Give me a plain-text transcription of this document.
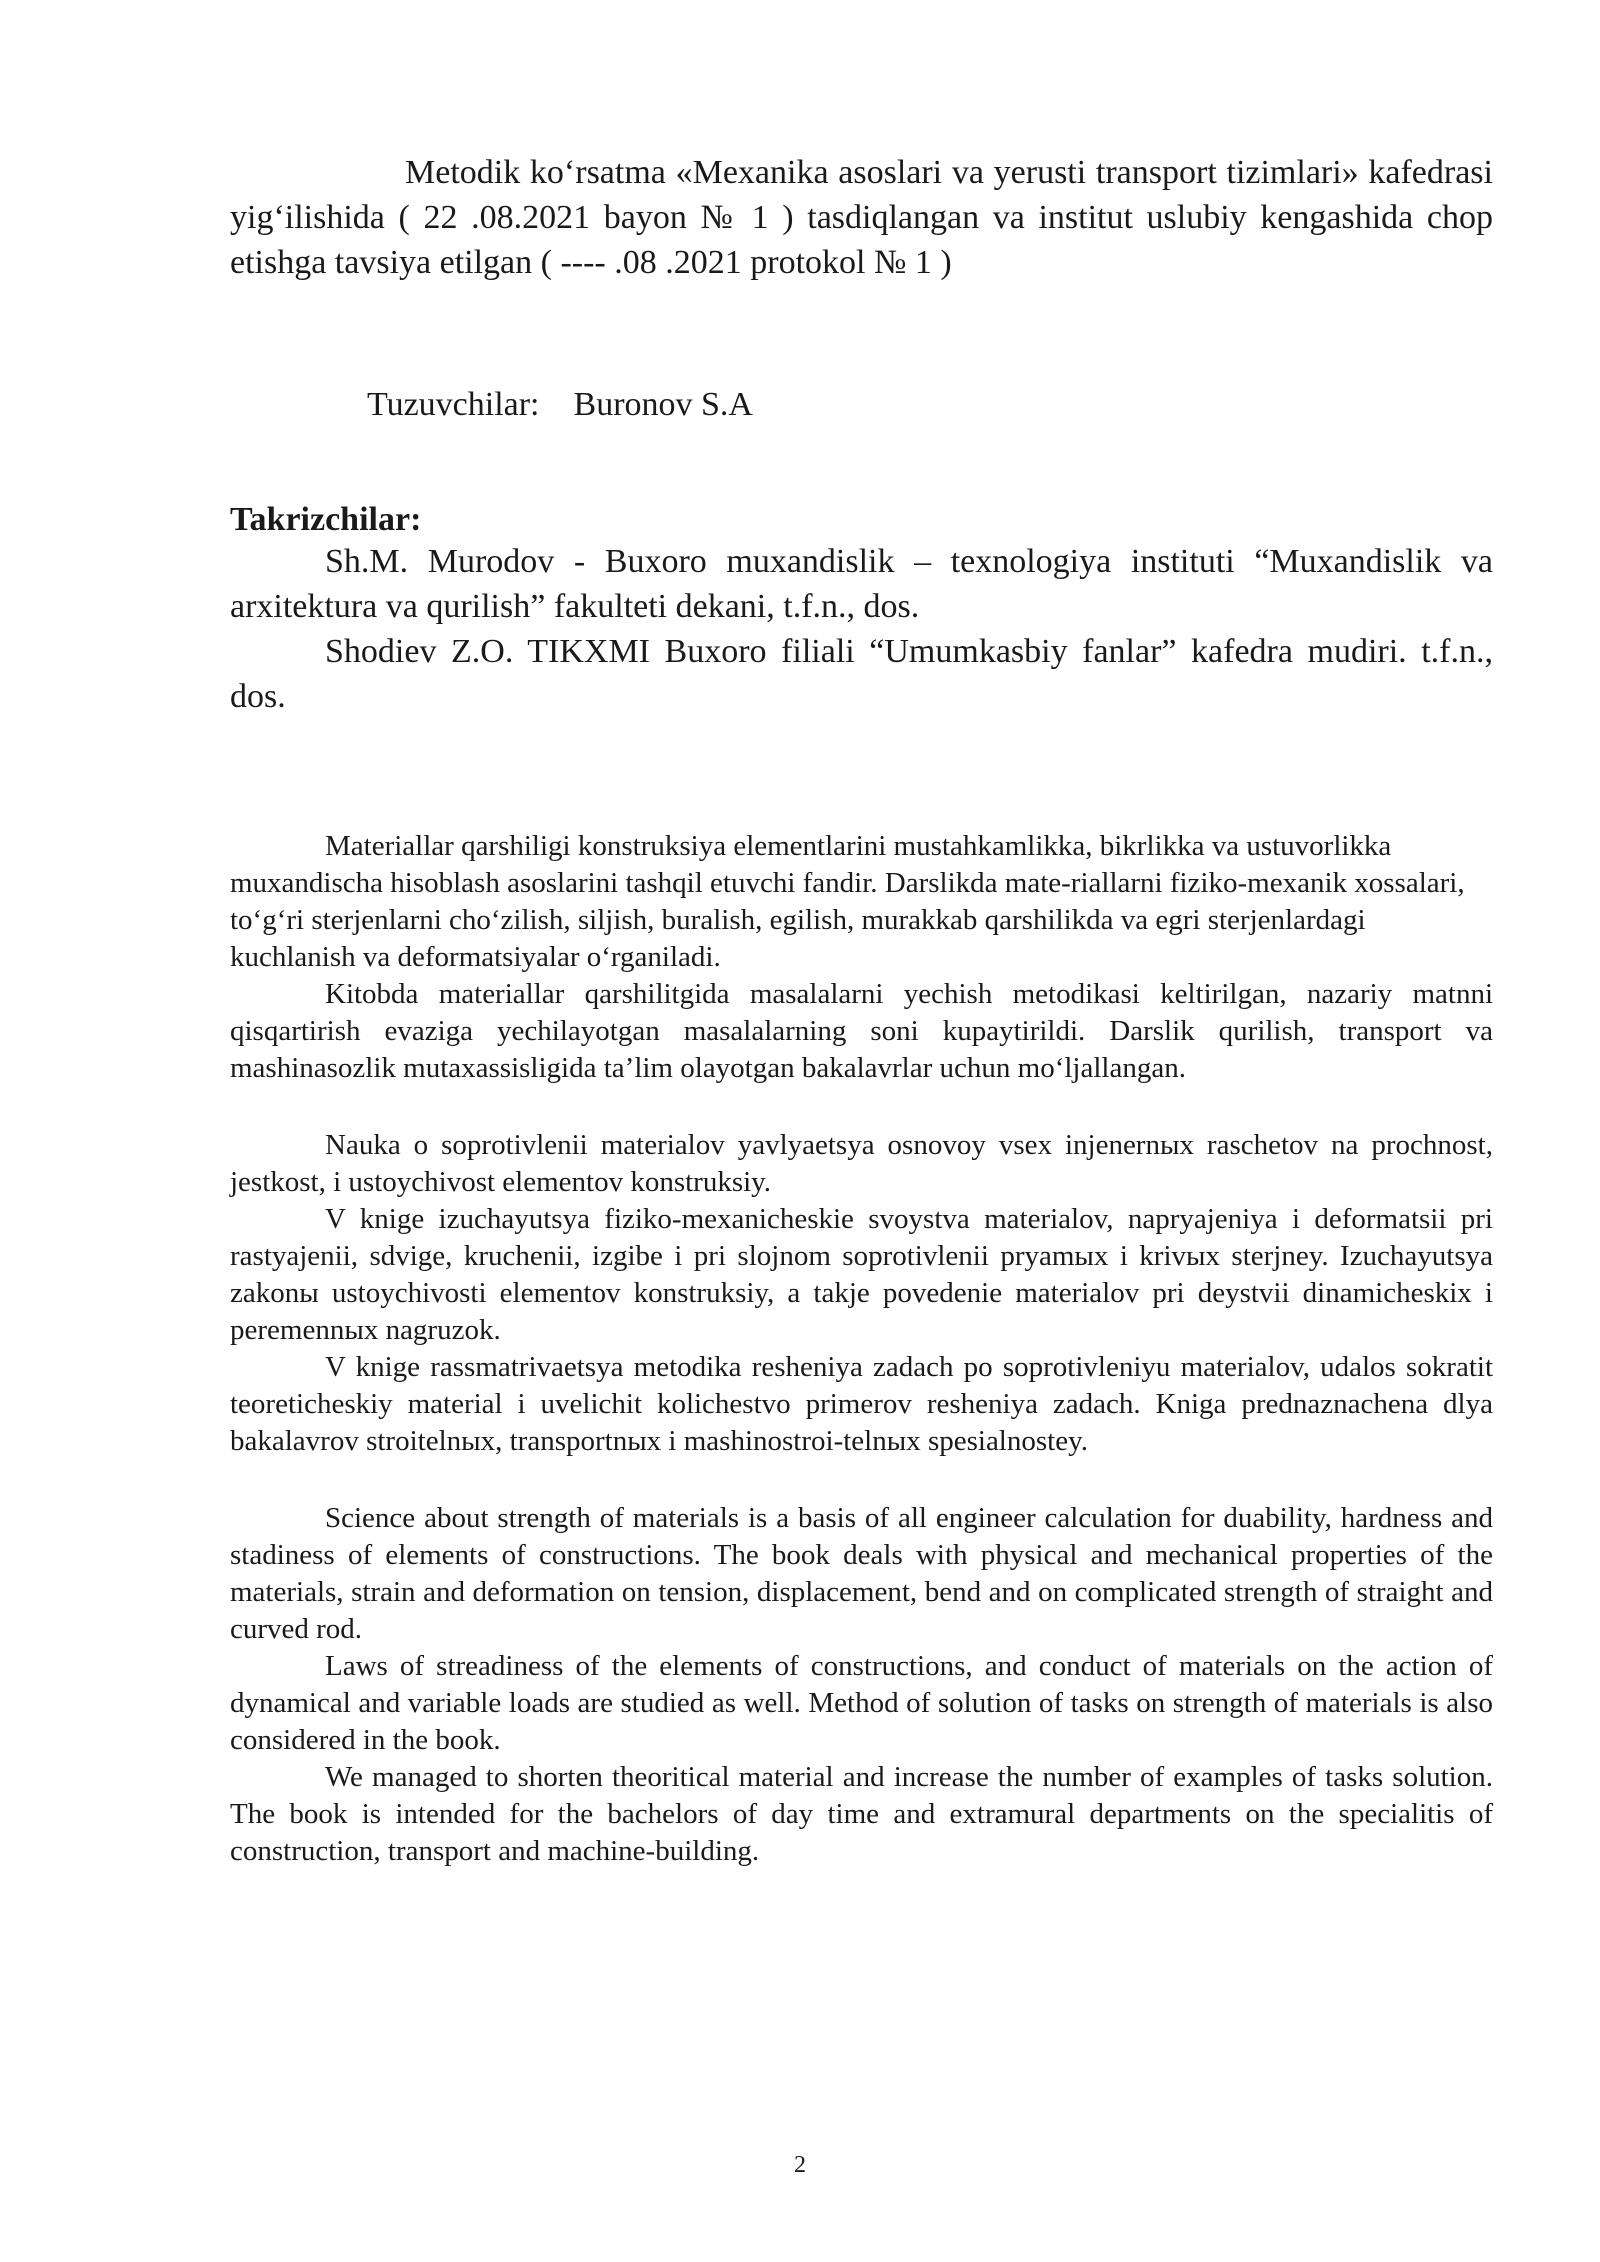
Metodik koʻrsatma «Mexanika asoslari va yerusti transport tizimlari» kafedrasi yigʻilishida ( 22 .08.2021 bayon № 1 ) tasdiqlangan va institut uslubiy kengashida chop etishga tavsiya etilgan ( ---- .08 .2021 protokol № 1 )

Tuzuvchilar: Buronov S.A
Takrizchilar:

Sh.M. Murodov - Buxoro muxandislik – texnologiya instituti “Muxandislik va arxitektura va qurilish” fakulteti dekani, t.f.n., dos.

Shodiev Z.O. TIKXMI Buxoro filiali “Umumkasbiy fanlar” kafedra mudiri. t.f.n., dos.

Materiallar qarshiligi konstruksiya elementlarini mustahkamlikka, bikrlikka va ustuvorlikka muxandischa hisoblash asoslarini tashqil etuvchi fandir. Darslikda mate-riallarni fiziko-mexanik xossalari, toʻgʻri sterjenlarni choʻzilish, siljish, buralish, egilish, murakkab qarshilikda va egri sterjenlardagi kuchlanish va deformatsiyalar oʻrganiladi.

Kitobda materiallar qarshilitgida masalalarni yechish metodikasi keltirilgan, nazariy matnni qisqartirish evaziga yechilayotgan masalalarning soni kupaytirildi. Darslik qurilish, transport va mashinasozlik mutaxassisligida ta’lim olayotgan bakalavrlar uchun moʻljallangan.

Nauka o soprotivlenii materialov yavlyaetsya osnovoy vsex injenernыx raschetov na prochnost, jestkost, i ustoychivost elementov konstruksiy.

V knige izuchayutsya fiziko-mexanicheskie svoystva materialov, napryajeniya i deformatsii pri rastyajenii, sdvige, kruchenii, izgibe i pri slojnom soprotivlenii pryamыx i krivыx sterjney. Izuchayutsya zakonы ustoychivosti elementov konstruksiy, a takje povedenie materialov pri deystvii dinamicheskix i peremennыx nagruzok.

V knige rassmatrivaetsya metodika resheniya zadach po soprotivleniyu materialov, udalos sokratit teoreticheskiy material i uvelichit kolichestvo primerov resheniya zadach. Kniga prednaznachena dlya bakalavrov stroitelnыx, transportnыx i mashinostroi-telnыx spesialnostey.

Science about strength of materials is a basis of all engineer calculation for duability, hardness and stadiness of elements of constructions. The book deals with physical and mechanical properties of the materials, strain and deformation on tension, displacement, bend and on complicated strength of straight and curved rod.

Laws of streadiness of the elements of constructions, and conduct of materials on the action of dynamical and variable loads are studied as well. Method of solution of tasks on strength of materials is also considered in the book.

We managed to shorten theoritical material and increase the number of examples of tasks solution. The book is intended for the bachelors of day time and extramural departments on the specialitis of construction, transport and machine-building.

2
